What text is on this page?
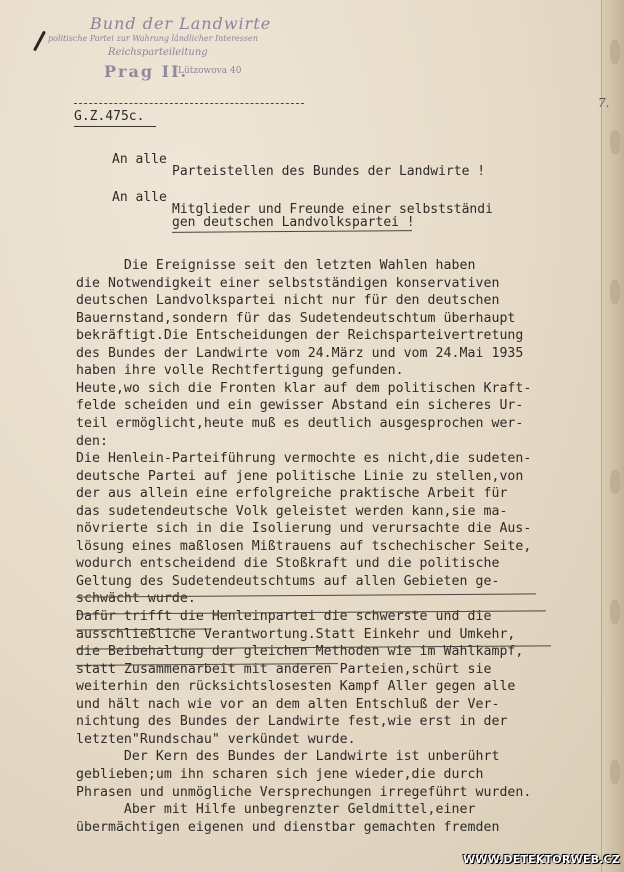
Bund der Landwirte
politische Partei zur Wahrung ländlicher Interessen
Reichsparteileitung
Prag II.
Lützowova 40
7.
G.Z.475c.
An alle
Parteistellen des Bundes der Landwirte !
An alle
Mitglieder und Freunde einer selbstständi
gen deutschen Landvolkspartei !
Die Ereignisse seit den letzten Wahlen haben
die Notwendigkeit einer selbstständigen konservativen
deutschen Landvolkspartei nicht nur für den deutschen
Bauernstand,sondern für das Sudetendeutschtum überhaupt
bekräftigt.Die Entscheidungen der Reichsparteivertretung
des Bundes der Landwirte vom 24.März und vom 24.Mai 1935
haben ihre volle Rechtfertigung gefunden.
Heute,wo sich die Fronten klar auf dem politischen Kraft-
felde scheiden und ein gewisser Abstand ein sicheres Ur-
teil ermöglicht,heute muß es deutlich ausgesprochen wer-
den:
Die Henlein-Parteiführung vermochte es nicht,die sudeten-
deutsche Partei auf jene politische Linie zu stellen,von
der aus allein eine erfolgreiche praktische Arbeit für
das sudetendeutsche Volk geleistet werden kann,sie ma-
növrierte sich in die Isolierung und verursachte die Aus-
lösung eines maßlosen Mißtrauens auf tschechischer Seite,
wodurch entscheidend die Stoßkraft und die politische
Geltung des Sudetendeutschtums auf allen Gebieten ge-
schwächt wurde.
Dafür trifft die Henleinpartei die schwerste und die
ausschließliche Verantwortung.Statt Einkehr und Umkehr,
die Beibehaltung der gleichen Methoden wie im Wahlkampf,
statt Zusammenarbeit mit anderen Parteien,schürt sie
weiterhin den rücksichtslosesten Kampf Aller gegen alle
und hält nach wie vor an dem alten Entschluß der Ver-
nichtung des Bundes der Landwirte fest,wie erst in der
letzten"Rundschau" verkündet wurde.
Der Kern des Bundes der Landwirte ist unberührt
geblieben;um ihn scharen sich jene wieder,die durch
Phrasen und unmögliche Versprechungen irregeführt wurden.
Aber mit Hilfe unbegrenzter Geldmittel,einer
übermächtigen eigenen und dienstbar gemachten fremden
WWW.DETEKTORWEB.CZ
